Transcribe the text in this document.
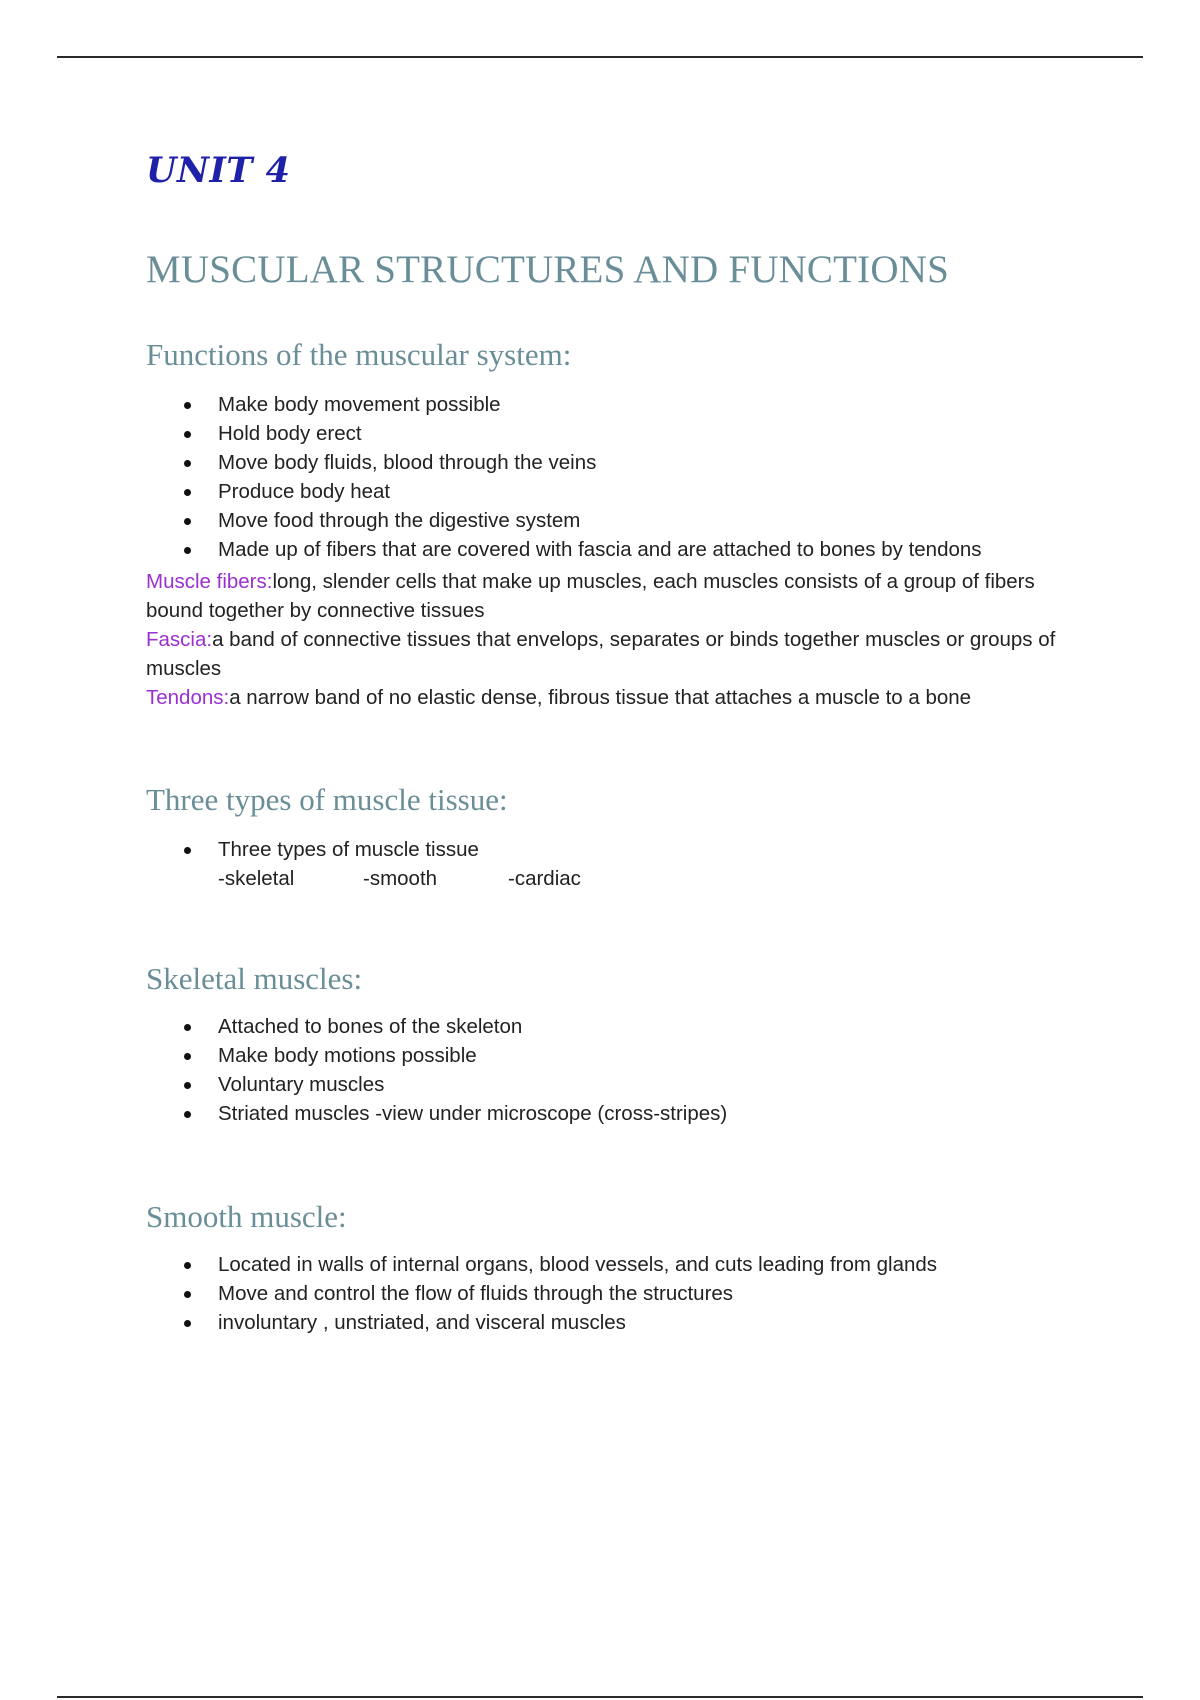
UNIT 4
MUSCULAR STRUCTURES AND FUNCTIONS
Functions of the muscular system:
Make body movement possible
Hold body erect
Move body fluids, blood through the veins
Produce body heat
Move food through the digestive system
Made up of fibers that are covered with fascia and are attached to bones by tendons

Muscle fibers:long, slender cells that make up muscles, each muscles consists of a group of fibers bound together by connective tissues

Fascia:a band of connective tissues that envelops, separates or binds together muscles or groups of muscles

Tendons:a narrow band of no elastic dense, fibrous tissue that attaches a muscle to a bone

Three types of muscle tissue:
Three types of muscle tissue
-skeletal	-smooth	-cardiac
Skeletal muscles:
Attached to bones of the skeleton
Make body motions possible
Voluntary muscles
Striated muscles -view under microscope (cross-stripes)
Smooth muscle:
Located in walls of internal organs, blood vessels, and cuts leading from glands
Move and control the flow of fluids through the structures
involuntary , unstriated, and visceral muscles
